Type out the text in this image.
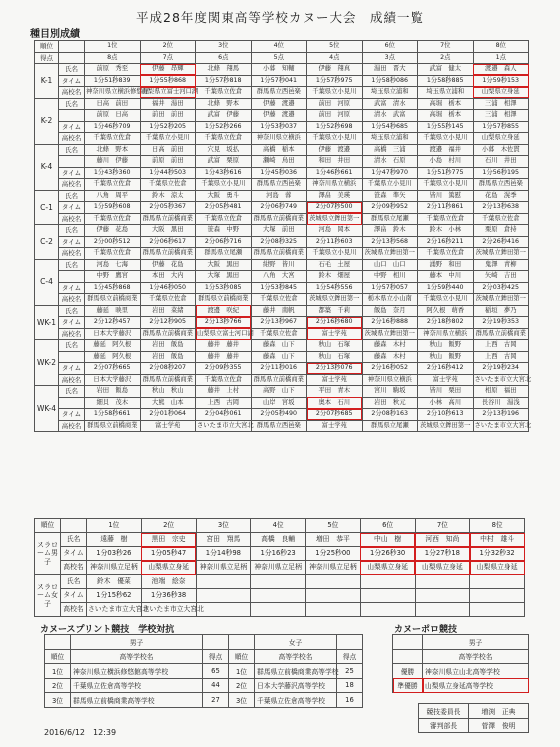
平成28年度関東高等学校カヌー大会　成績一覧
種目別成績
順位		1位	2位	3位	4位	5位	6位	7位	8位
得点		8点	7点	6点	5点	4点	3点	2点	1点
K-1	氏名	前原　秀至	伊藤　昂輝	北條　翔馬	小暮　知輔	伊藤　翔真	湯田　晋大	武富　健太	渡邉　森人
	タイム	1分51秒839	1分55秒868	1分57秒818	1分57秒041	1分57秒975	1分58秒086	1分58秒885	1分59秒153
	高校名	神奈川県立横浜修悠館	山梨県立富士河口湖	千葉県立佐倉	群馬県立西邑楽	千葉県立小見川	埼玉県立浦和	埼玉県立浦和	山梨県立身延
K-2	氏名	日高　前田	福井　湯田	北條　野本	伊藤　渡邉	前田　河原	武富　清水	高堀　栃本	三浦　相澤
		前原　日高	前田　前田	武富　伊藤	伊藤　渡邉	前田　河原	清水　武富	高堀　栃本	三浦　相澤
	タイム	1分46秒709	1分52秒205	1分52秒266	1分53秒037	1分52秒698	1分54秒685	1分55秒145	1分57秒855
	高校名	千葉県立佐倉	千葉県立小見川	千葉県立佐倉	神奈川県立横浜	千葉県立小見川	埼玉県立浦和	千葉県立小見川	山梨県立身延
K-4	氏名	北條　野本	日高　前田	穴見　坂払	高橋　稲本	伊藤　渡邉	高橋　三浦	渡邉　福井	小暮　木佐貫
		藤川　伊藤	前原　前田	武富　栗原	瀬崎　鳥田	和田　井田	清水　石原	小島　村川	石川　井田
	タイム	1分43秒360	1分44秒503	1分43秒616	1分45秒036	1分46秒661	1分47秒970	1分51秒775	1分56秒195
	高校名	千葉県立佐倉	千葉県立佐倉	千葉県立小見川	群馬県立西邑楽	神奈川県立横浜	千葉県立小見川	千葉県立小見川	群馬県立西邑楽
C-1	氏名	八角　周平	鈴木　涼太	大阪　勇斗	河島　蓉	澤畠　美瑛	笹森　準矢	皆川　篤慰	花島　滉季
	タイム	1分59秒608	2分05秒367	2分05秒481	2分06秒749	2分07秒500	2分09秒952	2分11秒861	2分13秒638
	高校名	千葉県立佐倉	群馬県立前橋商業	千葉県立佐倉	群馬県立前橋商業	茨城県立鉾田第一	群馬県立尾瀬	千葉県立佐倉	千葉県立佐倉
C-2	氏名	伊藤　花島	大阪　黒田	笹森　中野	大塚　前田	河島　岡本	澤畠　鈴木	鈴木　小林	栗原　倉持
	タイム	2分00秒512	2分06秒617	2分06秒716	2分08秒325	2分11秒603	2分13秒568	2分16秒211	2分26秒416
	高校名	千葉県立佐倉	群馬県立前橋商業	群馬県立尾瀬	群馬県立前橋商業	千葉県立小見川	茨城県立鉾田第一	千葉県立佐倉	茨城県立鉾田第一
C-4	氏名	河島　七海	伊藤　花島	大阪　黒田	紺野　皆川	石毛　土屋	山口　山口	涌野　和田	鬼澤　青柳
		中野　鷹宮	本田　大内	大塚　黒田	八角　大宮	鈴木　畑屋	中野　相川	藤本　中川	矢崎　吉田
	タイム	1分45秒868	1分46秒050	1分53秒085	1分53秒845	1分54秒556	1分57秒057	1分59秒440	2分03秒425
	高校名	群馬県立前橋商業	千葉県立佐倉	群馬県立前橋商業	千葉県立佐倉	茨城県立鉾田第一	栃木県立小山南	千葉県立小見川	茨城県立鉾田第一
WK-1	氏名	藤延　映里	岩田　菜緒	渡邊　咲紀	藤井　南帆	都築　千莉	飯島　奈月	阿久根　萌香	稲垣　夢乃
	タイム	2分12秒457	2分12秒905	2分13秒766	2分13秒967	2分16秒680	2分16秒888	2分18秒802	2分19秒353
	高校名	日本大学藤沢	群馬県立前橋商業	山梨県立富士河口湖	千葉県立佐倉	富士学苑	茨城県立鉾田第一	神奈川県立横浜	群馬県立前橋商業
WK-2	氏名	藤延　阿久根	岩田　飯島	藤井　藤井	藤森　山下	秋山　石塚	藤森　木村	秋山　飯野	上西　古岡
		藤延　阿久根	岩田　飯島	藤井　藤井	藤森　山下	秋山　石塚	藤森　木村	秋山　飯野	上西　古岡
	タイム	2分07秒665	2分08秒207	2分09秒355	2分11秒016	2分13秒076	2分16秒052	2分16秒412	2分19秒234
	高校名	日本大学藤沢	群馬県立前橋商業	千葉県立佐倉	群馬県立前橋商業	富士学苑	神奈川県立横浜	富士学苑	さいたま市立大宮北
WK-4	氏名	岩田　飯島	秋山　秋山	藤井　上村	高野　山下	平田　青木	宮川　駒坂	皆川　栗田	相原　福田
		細貝　茂木	大熊　山本	上西　古岡	山岸　宮坂	奥本　石川	岩田　秋元	小林　高川	長谷川　湯浅
	タイム	1分58秒661	2分01秒064	2分04秒061	2分05秒490	2分07秒685	2分08秒163	2分10秒613	2分13秒196
	高校名	群馬県立前橋商業	富士学苑	さいたま市立大宮北	群馬県立西邑楽	富士学苑	群馬県立尾瀬	茨城県立鉾田第一	さいたま市立大宮北
順位		1位	2位	3位	4位	5位	6位	7位	8位
スラローム男子	氏名	遠藤　樹	黒田　宗史	宮田　翔馬	高橋　良輔	増田　恭平	中山　樹	河西　知尚	中村　雄斗
	タイム	1分03秒26	1分05秒47	1分14秒98	1分16秒23	1分25秒00	1分26秒30	1分27秒18	1分32秒32
	高校名	神奈川県立足柄	山梨県立身延	神奈川県立足柄	神奈川県立足柄	神奈川県立足柄	山梨県立身延	山梨県立身延	山梨県立身延
スラローム女子	氏名	鈴木　優菜	池端　絵奈						
	タイム	1分15秒62	1分36秒38						
	高校名	さいたま市立大宮北	さいたま市立大宮北						
カヌースプリント競技　学校対抗	カヌーポロ競技
	男子	
順位	高等学校名	得点
1位	神奈川県立横浜修悠館高等学校	65
2位	千葉県立佐倉高等学校	44
3位	群馬県立前橋商業高等学校	27
	女子	
順位	高等学校名	得点
1位	群馬県立前橋商業高等学校	25
2位	日本大学藤沢高等学校	18
3位	千葉県立佐倉高等学校	16
	男子
	高等学校名
優勝	神奈川県立山北高等学校
準優勝	山梨県立身延高等学校
競技委員長	増渕　正典
審判部長	菅澤　俊明
2016/6/12　12:39
